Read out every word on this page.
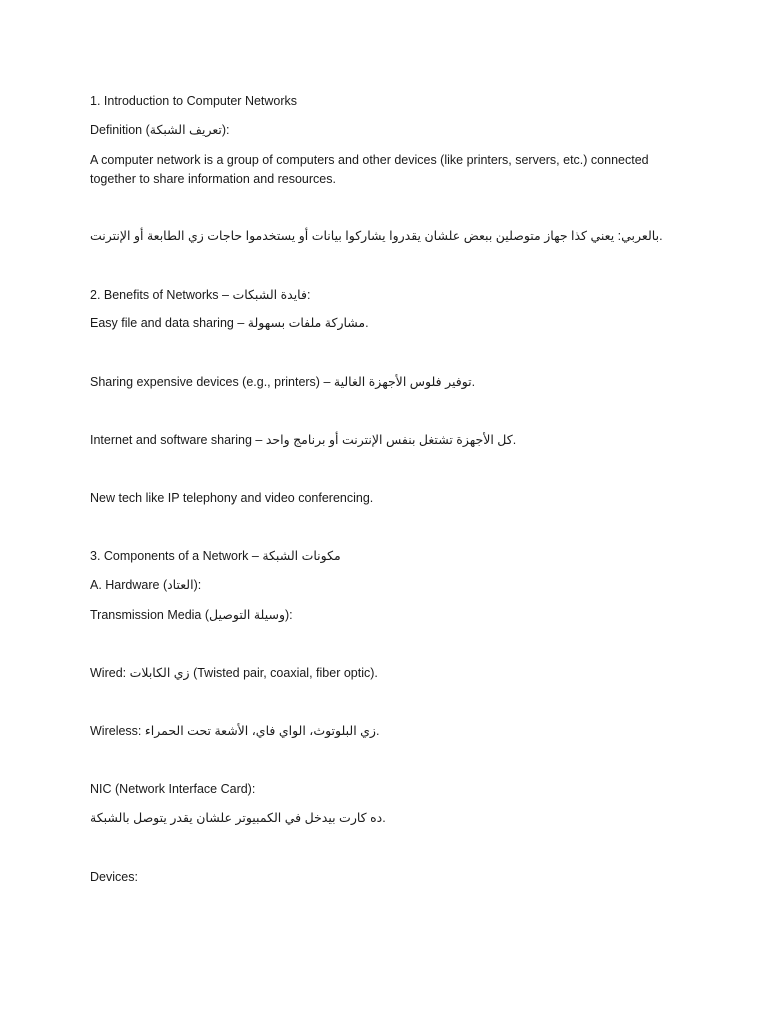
1. Introduction to Computer Networks
Definition (تعريف الشبكة):
A computer network is a group of computers and other devices (like printers, servers, etc.) connected together to share information and resources.
بالعربي: يعني كذا جهاز متوصلين ببعض علشان يقدروا يشاركوا بيانات أو يستخدموا حاجات زي الطابعة أو الإنترنت.
2. Benefits of Networks – فايدة الشبكات:
Easy file and data sharing – مشاركة ملفات بسهولة.
Sharing expensive devices (e.g., printers) – توفير فلوس الأجهزة الغالية.
Internet and software sharing – كل الأجهزة تشتغل بنفس الإنترنت أو برنامج واحد.
New tech like IP telephony and video conferencing.
3. Components of a Network – مكونات الشبكة
A. Hardware (العتاد):
Transmission Media (وسيلة التوصيل):
Wired: زي الكابلات (Twisted pair, coaxial, fiber optic).
Wireless: زي البلوتوث، الواي فاي، الأشعة تحت الحمراء.
NIC (Network Interface Card):
ده كارت بيدخل في الكمبيوتر علشان يقدر يتوصل بالشبكة.
Devices:
